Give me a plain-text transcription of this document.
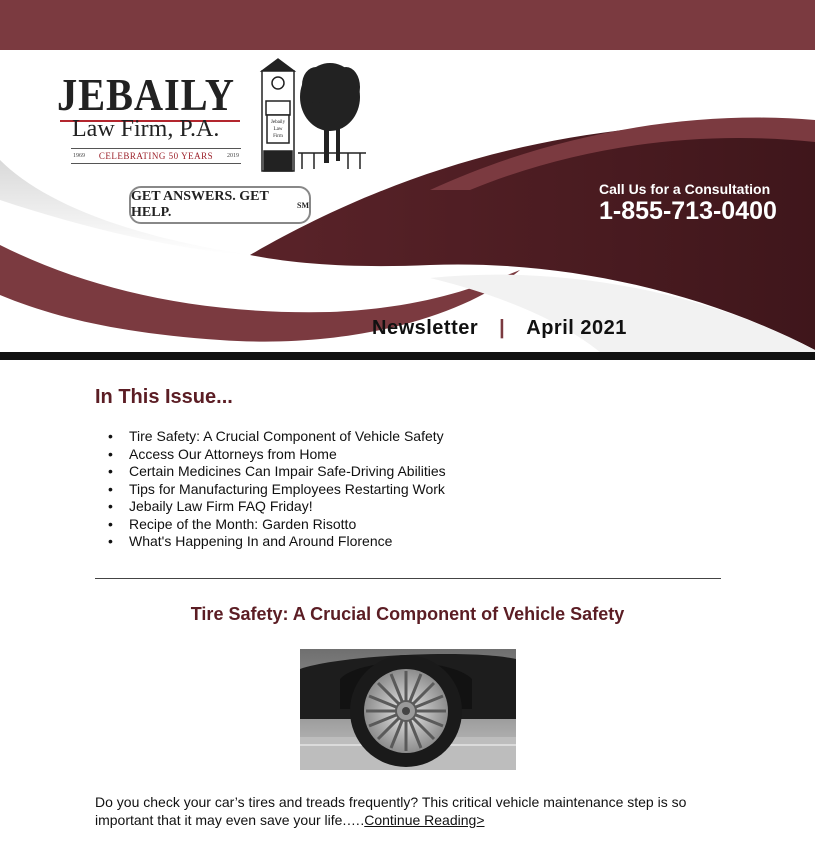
Jebaily
Law
Firm
JEBAILY
Law Firm, P.A.
1969 CELEBRATING 50 YEARS 2019
GET ANSWERS. GET HELP.	SM
Call Us for a Consultation
1-855-713-0400
Newsletter | April 2021
In This Issue...
• Tire Safety: A Crucial Component of Vehicle Safety
• Access Our Attorneys from Home
• Certain Medicines Can Impair Safe-Driving Abilities
• Tips for Manufacturing Employees Restarting Work
• Jebaily Law Firm FAQ Friday!
• Recipe of the Month: Garden Risotto
• What's Happening In and Around Florence
Tire Safety: A Crucial Component of Vehicle Safety
Do you check your car’s tires and treads frequently? This critical vehicle maintenance step is so important that it may even save your life.….Continue Reading>
